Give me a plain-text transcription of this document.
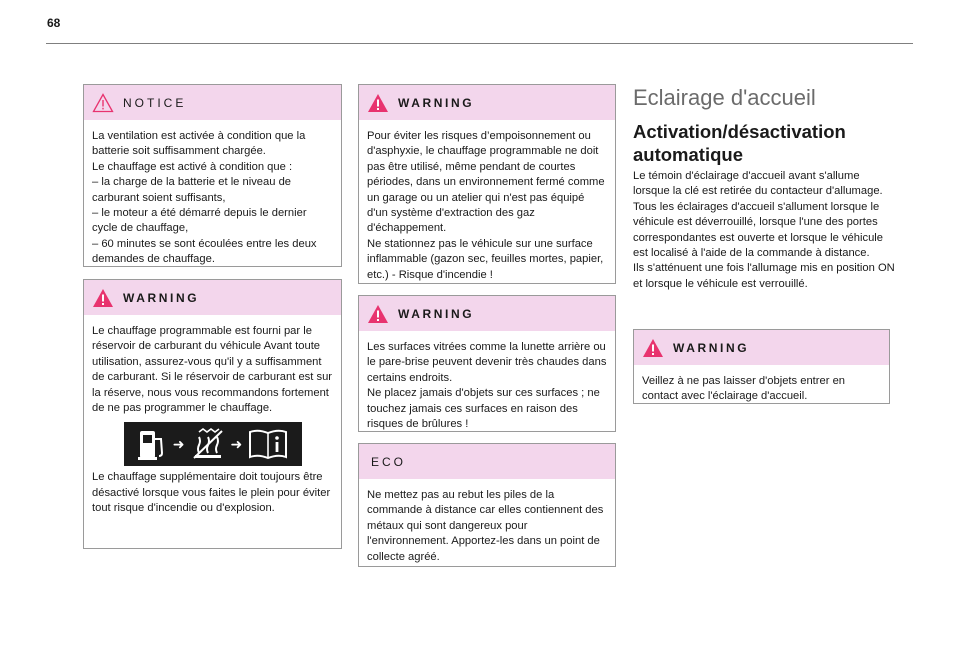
68
NOTICE
La ventilation est activée à condition que la batterie soit suffisamment chargée.
Le chauffage est activé à condition que :
– la charge de la batterie et le niveau de carburant soient suffisants,
– le moteur a été démarré depuis le dernier cycle de chauffage,
– 60 minutes se sont écoulées entre les deux demandes de chauffage.
WARNING
Le chauffage programmable est fourni par le réservoir de carburant du véhicule Avant toute utilisation, assurez-vous qu'il y a suffisamment de carburant. Si le réservoir de carburant est sur la réserve, nous vous recommandons fortement de ne pas programmer le chauffage.
➜	➜
Le chauffage supplémentaire doit toujours être désactivé lorsque vous faites le plein pour éviter tout risque d'incendie ou d'explosion.
WARNING
Pour éviter les risques d’empoisonnement ou d'asphyxie, le chauffage programmable ne doit pas être utilisé, même pendant de courtes périodes, dans un environnement fermé comme un garage ou un atelier qui n'est pas équipé d'un système d'extraction des gaz d'échappement.
Ne stationnez pas le véhicule sur une surface inflammable (gazon sec, feuilles mortes, papier, etc.) - Risque d'incendie !
WARNING
Les surfaces vitrées comme la lunette arrière ou le pare-brise peuvent devenir très chaudes dans certains endroits.
Ne placez jamais d'objets sur ces surfaces ; ne touchez jamais ces surfaces en raison des risques de brûlures !
ECO
Ne mettez pas au rebut les piles de la commande à distance car elles contiennent des métaux qui sont dangereux pour l'environnement. Apportez-les dans un point de collecte agréé.
Eclairage d'accueil
Activation/désactivation automatique
Le témoin d'éclairage d'accueil avant s'allume lorsque la clé est retirée du contacteur d'allumage.
Tous les éclairages d'accueil s'allument lorsque le véhicule est déverrouillé, lorsque l'une des portes correspondantes est ouverte et lorsque le véhicule est localisé à l'aide de la commande à distance.
Ils s'atténuent une fois l'allumage mis en position ON et lorsque le véhicule est verrouillé.
WARNING
Veillez à ne pas laisser d'objets entrer en contact avec l'éclairage d'accueil.
